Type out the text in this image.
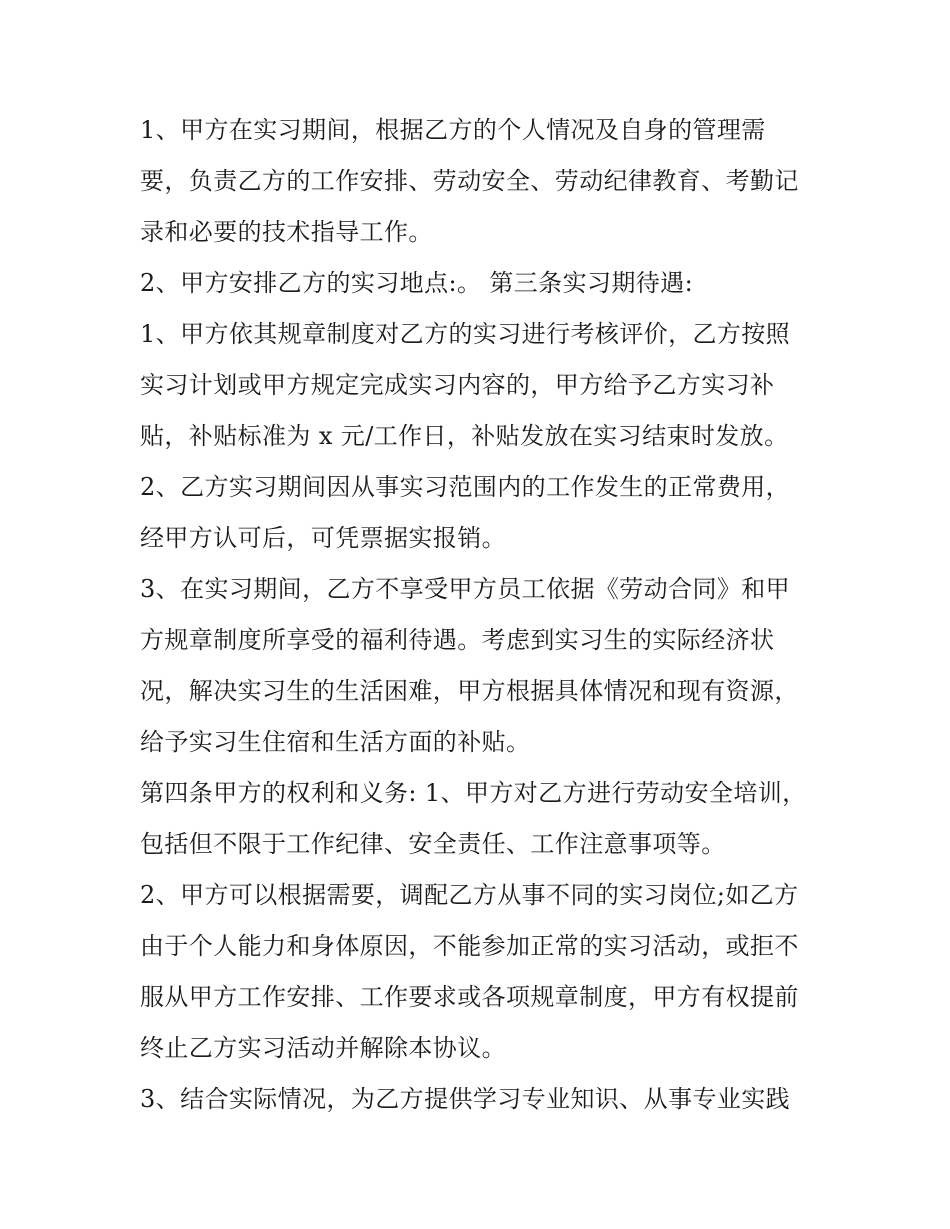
1、甲方在实习期间，根据乙方的个人情况及自身的管理需
要，负责乙方的工作安排、劳动安全、劳动纪律教育、考勤记
录和必要的技术指导工作。
2、甲方安排乙方的实习地点:。 第三条实习期待遇:
1、甲方依其规章制度对乙方的实习进行考核评价，乙方按照
实习计划或甲方规定完成实习内容的，甲方给予乙方实习补
贴，补贴标准为 x 元/工作日，补贴发放在实习结束时发放。
2、乙方实习期间因从事实习范围内的工作发生的正常费用，
经甲方认可后，可凭票据实报销。
3、在实习期间，乙方不享受甲方员工依据《劳动合同》和甲
方规章制度所享受的福利待遇。考虑到实习生的实际经济状
况，解决实习生的生活困难，甲方根据具体情况和现有资源，
给予实习生住宿和生活方面的补贴。
第四条甲方的权利和义务: 1、甲方对乙方进行劳动安全培训，
包括但不限于工作纪律、安全责任、工作注意事项等。
2、甲方可以根据需要，调配乙方从事不同的实习岗位;如乙方
由于个人能力和身体原因，不能参加正常的实习活动，或拒不
服从甲方工作安排、工作要求或各项规章制度，甲方有权提前
终止乙方实习活动并解除本协议。
3、结合实际情况，为乙方提供学习专业知识、从事专业实践
